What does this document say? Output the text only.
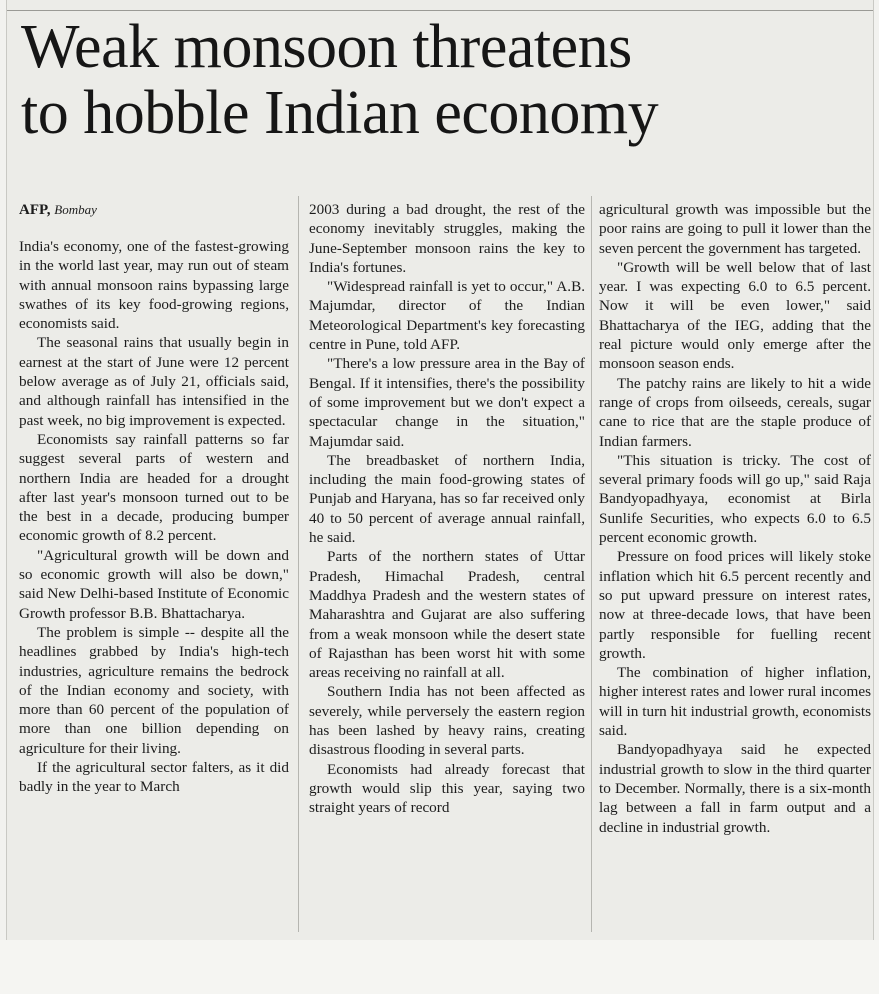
Weak monsoon threatens
to hobble Indian economy
AFP, Bombay

India's economy, one of the fastest-growing in the world last year, may run out of steam with annual monsoon rains bypassing large swathes of its key food-growing regions, economists said.

The seasonal rains that usually begin in earnest at the start of June were 12 percent below average as of July 21, officials said, and although rainfall has intensified in the past week, no big improvement is expected.

Economists say rainfall patterns so far suggest several parts of western and northern India are headed for a drought after last year's monsoon turned out to be the best in a decade, producing bumper economic growth of 8.2 percent.

"Agricultural growth will be down and so economic growth will also be down," said New Delhi-based Institute of Economic Growth professor B.B. Bhattacharya.

The problem is simple -- despite all the headlines grabbed by India's high-tech industries, agriculture remains the bedrock of the Indian economy and society, with more than 60 percent of the population of more than one billion depending on agriculture for their living.

If the agricultural sector falters, as it did badly in the year to March

2003 during a bad drought, the rest of the economy inevitably struggles, making the June-September monsoon rains the key to India's fortunes.

"Widespread rainfall is yet to occur," A.B. Majumdar, director of the Indian Meteorological Department's key forecasting centre in Pune, told AFP.

"There's a low pressure area in the Bay of Bengal. If it intensifies, there's the possibility of some improvement but we don't expect a spectacular change in the situation," Majumdar said.

The breadbasket of northern India, including the main food-growing states of Punjab and Haryana, has so far received only 40 to 50 percent of average annual rainfall, he said.

Parts of the northern states of Uttar Pradesh, Himachal Pradesh, central Maddhya Pradesh and the western states of Maharashtra and Gujarat are also suffering from a weak monsoon while the desert state of Rajasthan has been worst hit with some areas receiving no rainfall at all.

Southern India has not been affected as severely, while perversely the eastern region has been lashed by heavy rains, creating disastrous flooding in several parts.

Economists had already forecast that growth would slip this year, saying two straight years of record

agricultural growth was impossible but the poor rains are going to pull it lower than the seven percent the government has targeted.

"Growth will be well below that of last year. I was expecting 6.0 to 6.5 percent. Now it will be even lower," said Bhattacharya of the IEG, adding that the real picture would only emerge after the monsoon season ends.

The patchy rains are likely to hit a wide range of crops from oilseeds, cereals, sugar cane to rice that are the staple produce of Indian farmers.

"This situation is tricky. The cost of several primary foods will go up," said Raja Bandyopadhyaya, economist at Birla Sunlife Securities, who expects 6.0 to 6.5 percent economic growth.

Pressure on food prices will likely stoke inflation which hit 6.5 percent recently and so put upward pressure on interest rates, now at three-decade lows, that have been partly responsible for fuelling recent growth.

The combination of higher inflation, higher interest rates and lower rural incomes will in turn hit industrial growth, economists said.

Bandyopadhyaya said he expected industrial growth to slow in the third quarter to December. Normally, there is a six-month lag between a fall in farm output and a decline in industrial growth.
